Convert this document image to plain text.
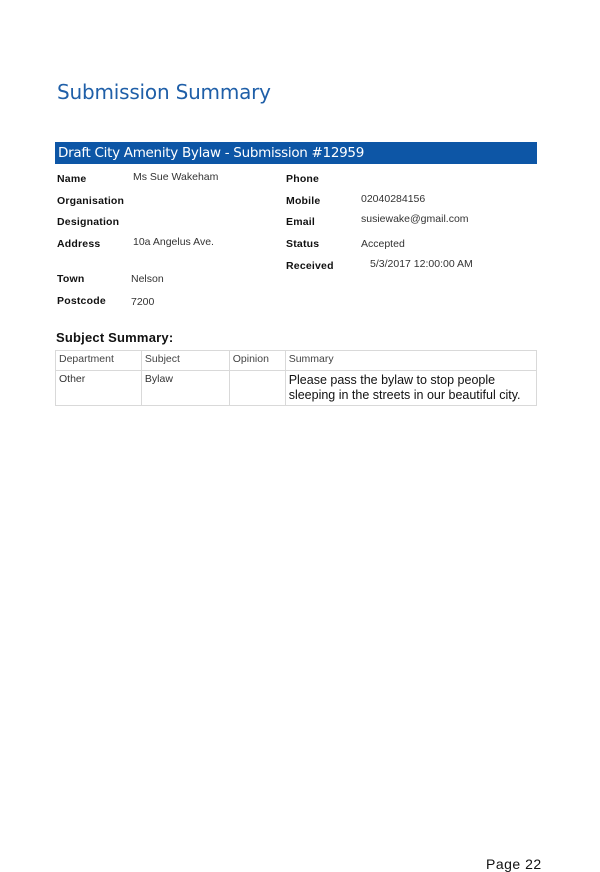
Submission Summary
Draft City Amenity Bylaw - Submission #12959
Name	Ms Sue Wakeham
Organisation
Designation
Address	10a Angelus Ave.
Town	Nelson
Postcode 7200
Phone
Mobile	02040284156
Email	susiewake@gmail.com
Status	Accepted
Received	5/3/2017 12:00:00 AM
Subject Summary:
Department	Subject	Opinion	Summary
Other	Bylaw		Please pass the bylaw to stop people sleeping in the streets in our beautiful city.
Page 22
